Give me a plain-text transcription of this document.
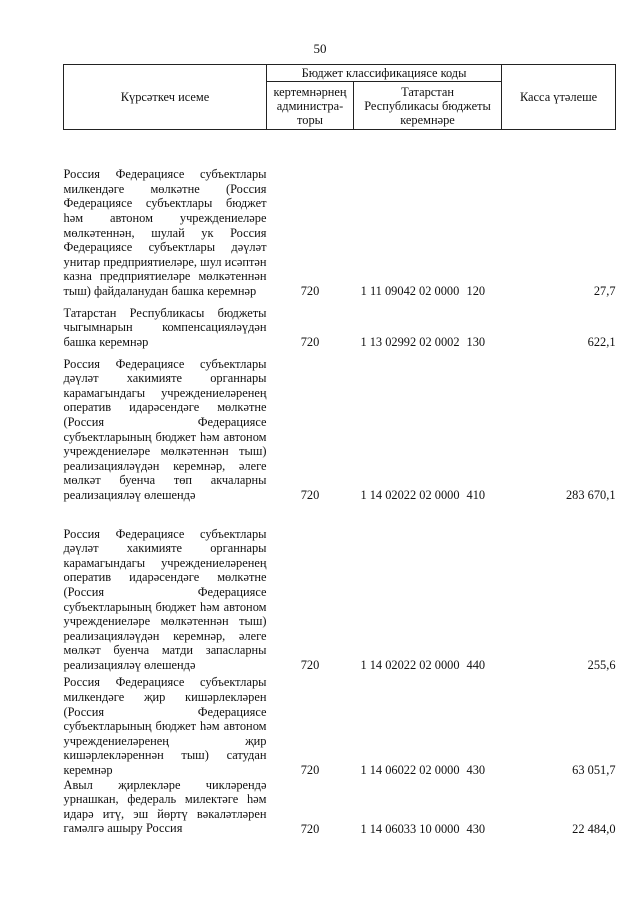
50
Күрсәткеч исеме	Бюджет классификациясе коды			Касса үтәлеше
	кертемнәрнең администра-торы	Татарстан Республикасы бюджеты керемнәре		
Россия Федерациясе субъектлары милкендәге мөлкәтне (Россия Федерациясе субъектлары бюджет һәм автоном учреждениеләре мөлкәтеннән, шулай ук Россия Федерациясе субъектлары дәүләт унитар предприятиеләре, шул исәптән казна предприятиеләре мөлкәтеннән тыш) файдаланудан башка керемнәр	720	1 11 09042 02 0000	120	27,7
Татарстан Республикасы бюджеты чыгымнарын компенсацияләүдән башка керемнәр	720	1 13 02992 02 0002	130	622,1
Россия Федерациясе субъектлары дәүләт хакимияте органнары карамагындагы учреждениеләренең оператив идарәсендәге мөлкәтне (Россия Федерациясе субъектларының бюджет һәм автоном учреждениеләре мөлкәтеннән тыш) реализацияләүдән керемнәр, әлеге мөлкәт буенча төп акчаларны реализацияләү өлешендә	720	1 14 02022 02 0000	410	283 670,1
Россия Федерациясе субъектлары дәүләт хакимияте органнары карамагындагы учреждениеләренең оператив идарәсендәге мөлкәтне (Россия Федерациясе субъектларының бюджет һәм автоном учреждениеләре мөлкәтеннән тыш) реализацияләүдән керемнәр, әлеге мөлкәт буенча матди запасларны реализацияләү өлешендә	720	1 14 02022 02 0000	440	255,6
Россия Федерациясе субъектлары милкендәге җир кишәрлекләрен (Россия Федерациясе субъектларының бюджет һәм автоном учреждениеләренең җир кишәрлекләреннән тыш) сатудан керемнәр	720	1 14 06022 02 0000	430	63 051,7
Авыл җирлекләре чикләрендә урнашкан, федераль милектәге һәм идарә итү, эш йөртү вәкаләтләрен гамәлгә ашыру Россия	720	1 14 06033 10 0000	430	22 484,0
